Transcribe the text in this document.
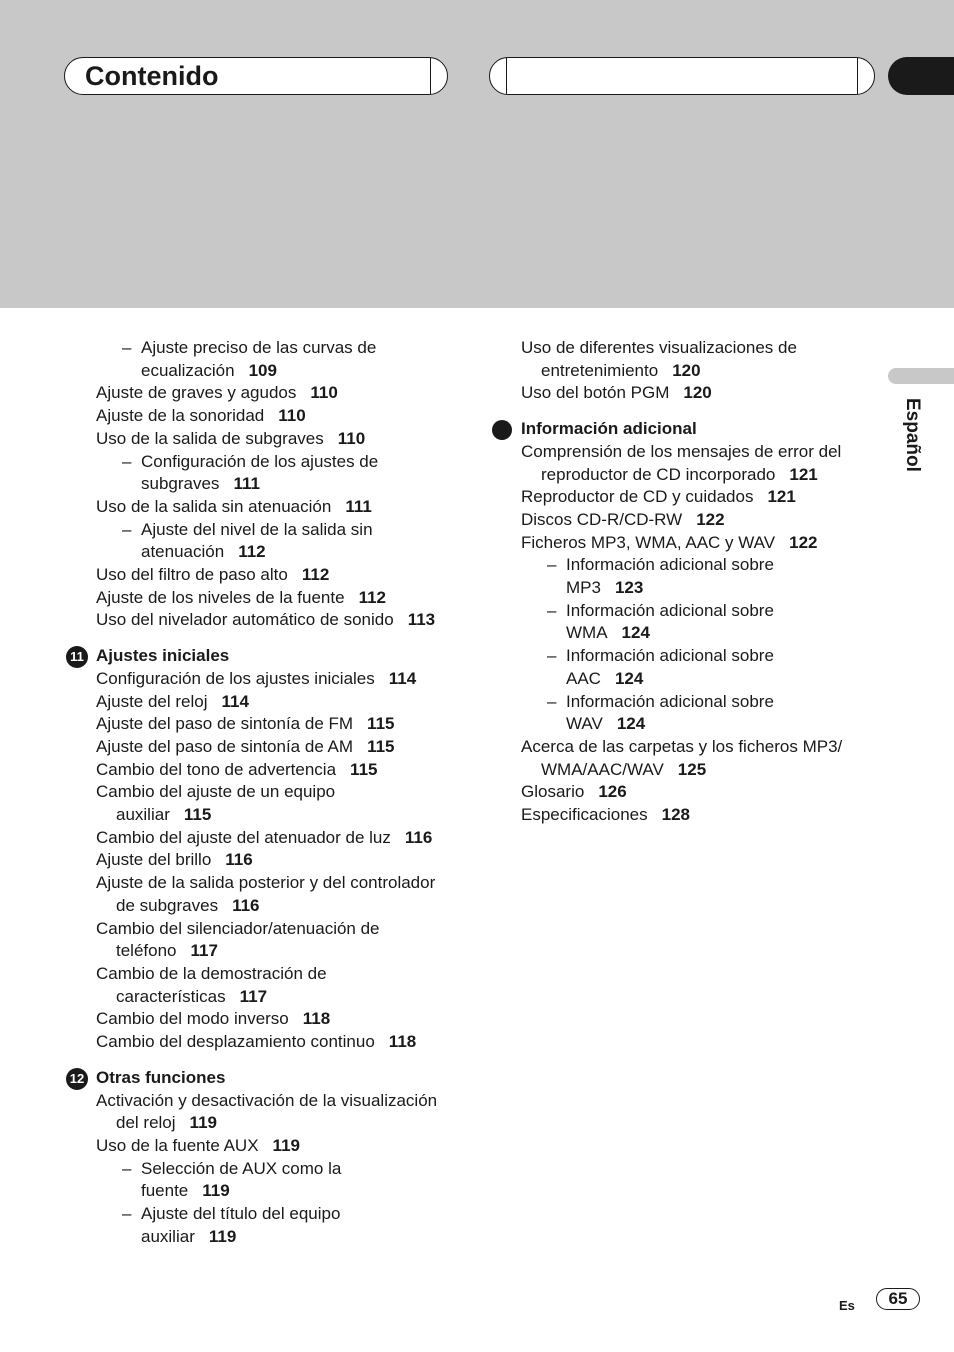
Contenido
Español
– Ajuste preciso de las curvas de
ecualización 109
Ajuste de graves y agudos 110
Ajuste de la sonoridad 110
Uso de la salida de subgraves 110
– Configuración de los ajustes de
subgraves 111
Uso de la salida sin atenuación 111
– Ajuste del nivel de la salida sin
atenuación 112
Uso del filtro de paso alto 112
Ajuste de los niveles de la fuente 112
Uso del nivelador automático de sonido 113
11 Ajustes iniciales
Configuración de los ajustes iniciales 114
Ajuste del reloj 114
Ajuste del paso de sintonía de FM 115
Ajuste del paso de sintonía de AM 115
Cambio del tono de advertencia 115
Cambio del ajuste de un equipo
auxiliar 115
Cambio del ajuste del atenuador de luz 116
Ajuste del brillo 116
Ajuste de la salida posterior y del controlador
de subgraves 116
Cambio del silenciador/atenuación de
teléfono 117
Cambio de la demostración de
características 117
Cambio del modo inverso 118
Cambio del desplazamiento continuo 118
12 Otras funciones
Activación y desactivación de la visualización
del reloj 119
Uso de la fuente AUX 119
– Selección de AUX como la
fuente 119
– Ajuste del título del equipo
auxiliar 119
Uso de diferentes visualizaciones de
entretenimiento 120
Uso del botón PGM 120
Información adicional
Comprensión de los mensajes de error del
reproductor de CD incorporado 121
Reproductor de CD y cuidados 121
Discos CD-R/CD-RW 122
Ficheros MP3, WMA, AAC y WAV 122
– Información adicional sobre
MP3 123
– Información adicional sobre
WMA 124
– Información adicional sobre
AAC 124
– Información adicional sobre
WAV 124
Acerca de las carpetas y los ficheros MP3/
WMA/AAC/WAV 125
Glosario 126
Especificaciones 128
Es	65
